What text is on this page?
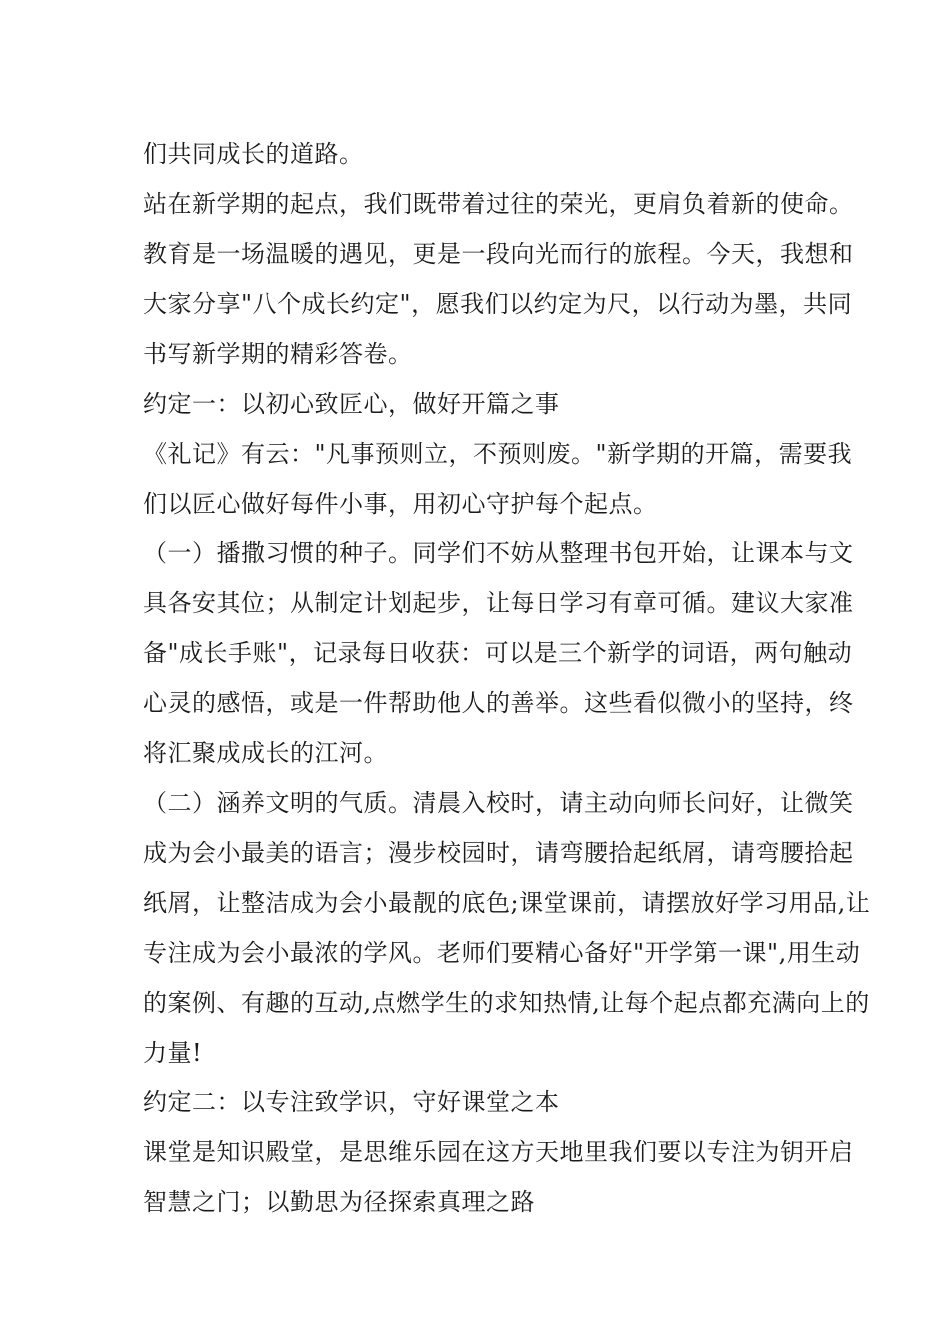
们共同成长的道路。
站在新学期的起点，我们既带着过往的荣光，更肩负着新的使命。
教育是一场温暖的遇见，更是一段向光而行的旅程。今天，我想和
大家分享"八个成长约定"，愿我们以约定为尺，以行动为墨，共同
书写新学期的精彩答卷。
约定一：以初心致匠心，做好开篇之事
《礼记》有云："凡事预则立，不预则废。"新学期的开篇，需要我
们以匠心做好每件小事，用初心守护每个起点。
（一）播撒习惯的种子。同学们不妨从整理书包开始，让课本与文
具各安其位；从制定计划起步，让每日学习有章可循。建议大家准
备"成长手账"，记录每日收获：可以是三个新学的词语，两句触动
心灵的感悟，或是一件帮助他人的善举。这些看似微小的坚持，终
将汇聚成成长的江河。
（二）涵养文明的气质。清晨入校时，请主动向师长问好，让微笑
成为会小最美的语言；漫步校园时，请弯腰拾起纸屑，请弯腰拾起
纸屑，让整洁成为会小最靓的底色;课堂课前，请摆放好学习用品,让
专注成为会小最浓的学风。老师们要精心备好"开学第一课",用生动
的案例、有趣的互动,点燃学生的求知热情,让每个起点都充满向上的
力量!
约定二：以专注致学识，守好课堂之本
课堂是知识殿堂，是思维乐园在这方天地里我们要以专注为钥开启
智慧之门；以勤思为径探索真理之路
